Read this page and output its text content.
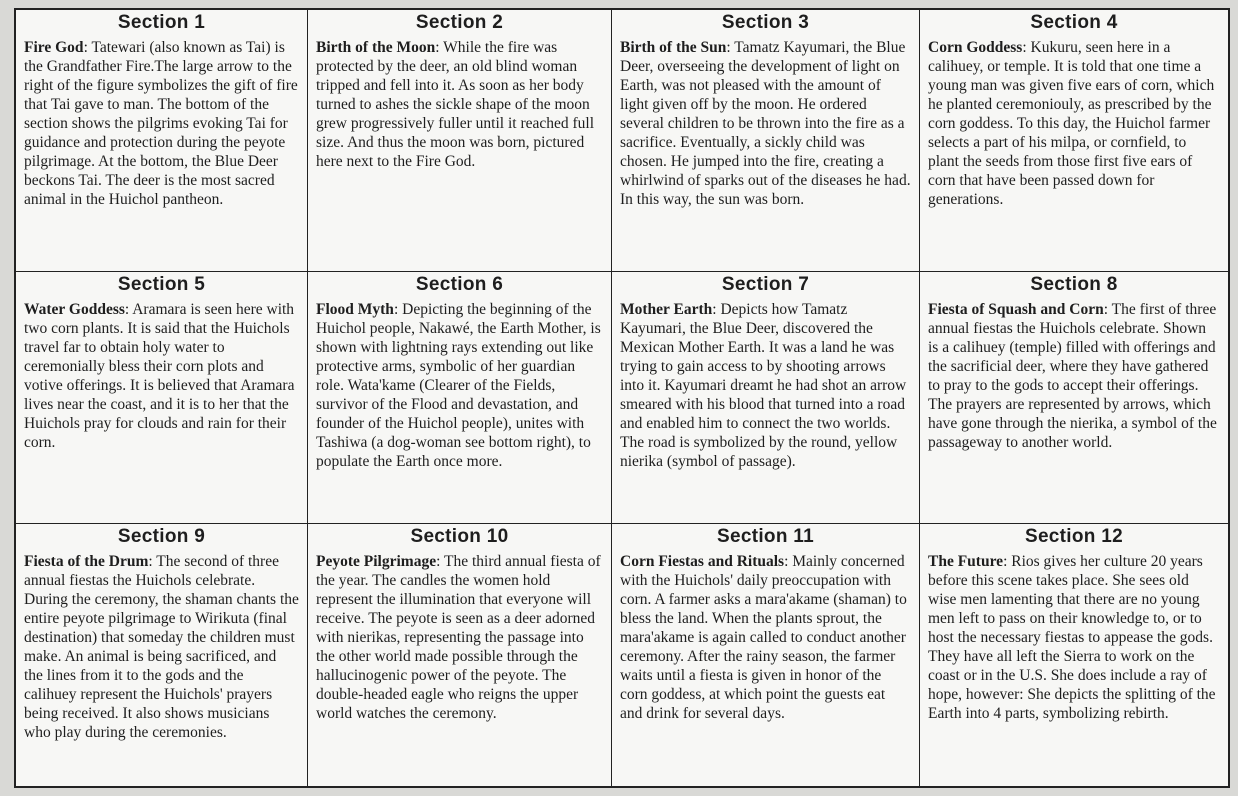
Section 1

Fire God: Tatewari (also known as Tai) is the Grandfather Fire.The large arrow to the right of the figure symbolizes the gift of fire that Tai gave to man. The bottom of the section shows the pilgrims evoking Tai for guidance and protection during the peyote pilgrimage. At the bottom, the Blue Deer beckons Tai. The deer is the most sacred animal in the Huichol pantheon.

Section 2

Birth of the Moon: While the fire was protected by the deer, an old blind woman tripped and fell into it. As soon as her body turned to ashes the sickle shape of the moon grew progressively fuller until it reached full size. And thus the moon was born, pictured here next to the Fire God.

Section 3

Birth of the Sun: Tamatz Kayumari, the Blue Deer, overseeing the development of light on Earth, was not pleased with the amount of light given off by the moon. He ordered several children to be thrown into the fire as a sacrifice. Eventually, a sickly child was chosen. He jumped into the fire, creating a whirlwind of sparks out of the diseases he had. In this way, the sun was born.

Section 4

Corn Goddess: Kukuru, seen here in a calihuey, or temple. It is told that one time a young man was given five ears of corn, which he planted ceremoniouly, as prescribed by the corn goddess. To this day, the Huichol farmer selects a part of his milpa, or cornfield, to plant the seeds from those first five ears of corn that have been passed down for generations.

Section 5

Water Goddess: Aramara is seen here with two corn plants. It is said that the Huichols travel far to obtain holy water to ceremonially bless their corn plots and votive offerings. It is believed that Aramara lives near the coast, and it is to her that the Huichols pray for clouds and rain for their corn.

Section 6

Flood Myth: Depicting the beginning of the Huichol people, Nakawé, the Earth Mother, is shown with lightning rays extending out like protective arms, symbolic of her guardian role. Wata'kame (Clearer of the Fields, survivor of the Flood and devastation, and founder of the Huichol people), unites with Tashiwa (a dog-woman see bottom right), to populate the Earth once more.

Section 7

Mother Earth: Depicts how Tamatz Kayumari, the Blue Deer, discovered the Mexican Mother Earth. It was a land he was trying to gain access to by shooting arrows into it. Kayumari dreamt he had shot an arrow smeared with his blood that turned into a road and enabled him to connect the two worlds. The road is symbolized by the round, yellow nierika (symbol of passage).

Section 8

Fiesta of Squash and Corn: The first of three annual fiestas the Huichols celebrate. Shown is a calihuey (temple) filled with offerings and the sacrificial deer, where they have gathered to pray to the gods to accept their offerings. The prayers are represented by arrows, which have gone through the nierika, a symbol of the passageway to another world.

Section 9

Fiesta of the Drum: The second of three annual fiestas the Huichols celebrate. During the ceremony, the shaman chants the entire peyote pilgrimage to Wirikuta (final destination) that someday the children must make. An animal is being sacrificed, and the lines from it to the gods and the calihuey represent the Huichols' prayers being received. It also shows musicians who play during the ceremonies.

Section 10

Peyote Pilgrimage: The third annual fiesta of the year. The candles the women hold represent the illumination that everyone will receive. The peyote is seen as a deer adorned with nierikas, representing the passage into the other world made possible through the hallucinogenic power of the peyote. The double-headed eagle who reigns the upper world watches the ceremony.

Section 11

Corn Fiestas and Rituals: Mainly concerned with the Huichols' daily preoccupation with corn. A farmer asks a mara'akame (shaman) to bless the land. When the plants sprout, the mara'akame is again called to conduct another ceremony. After the rainy season, the farmer waits until a fiesta is given in honor of the corn goddess, at which point the guests eat and drink for several days.

Section 12

The Future: Rios gives her culture 20 years before this scene takes place. She sees old wise men lamenting that there are no young men left to pass on their knowledge to, or to host the necessary fiestas to appease the gods. They have all left the Sierra to work on the coast or in the U.S. She does include a ray of hope, however: She depicts the splitting of the Earth into 4 parts, symbolizing rebirth.
